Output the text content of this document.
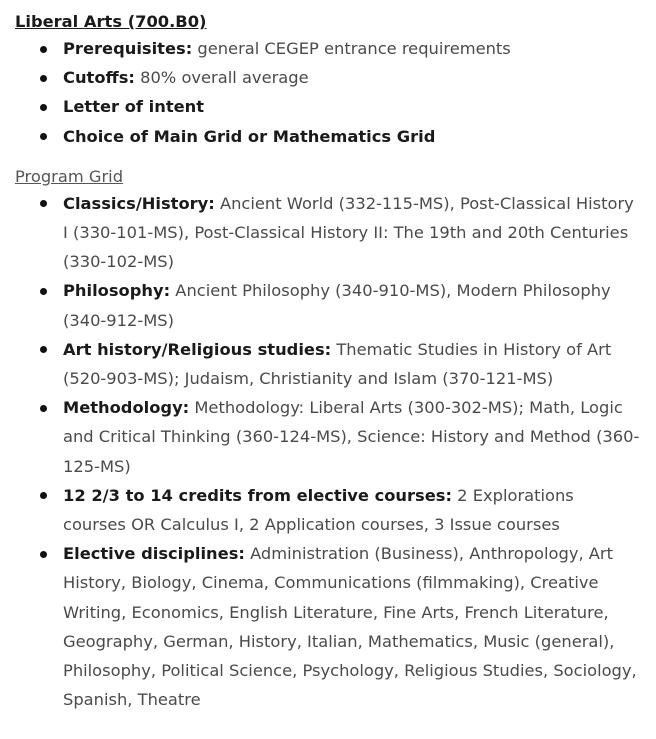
Liberal Arts (700.B0)
Prerequisites: general CEGEP entrance requirements
Cutoffs: 80% overall average
Letter of intent
Choice of Main Grid or Mathematics Grid
Program Grid
Classics/History: Ancient World (332-115-MS), Post-Classical History I (330-101-MS), Post-Classical History II: The 19th and 20th Centuries (330-102-MS)
Philosophy: Ancient Philosophy (340-910-MS), Modern Philosophy (340-912-MS)
Art history/Religious studies: Thematic Studies in History of Art (520-903-MS); Judaism, Christianity and Islam (370-121-MS)
Methodology: Methodology: Liberal Arts (300-302-MS); Math, Logic and Critical Thinking (360-124-MS), Science: History and Method (360-125-MS)
12 2/3 to 14 credits from elective courses: 2 Explorations courses OR Calculus I, 2 Application courses, 3 Issue courses
Elective disciplines: Administration (Business), Anthropology, Art History, Biology, Cinema, Communications (filmmaking), Creative Writing, Economics, English Literature, Fine Arts, French Literature, Geography, German, History, Italian, Mathematics, Music (general), Philosophy, Political Science, Psychology, Religious Studies, Sociology, Spanish, Theatre
